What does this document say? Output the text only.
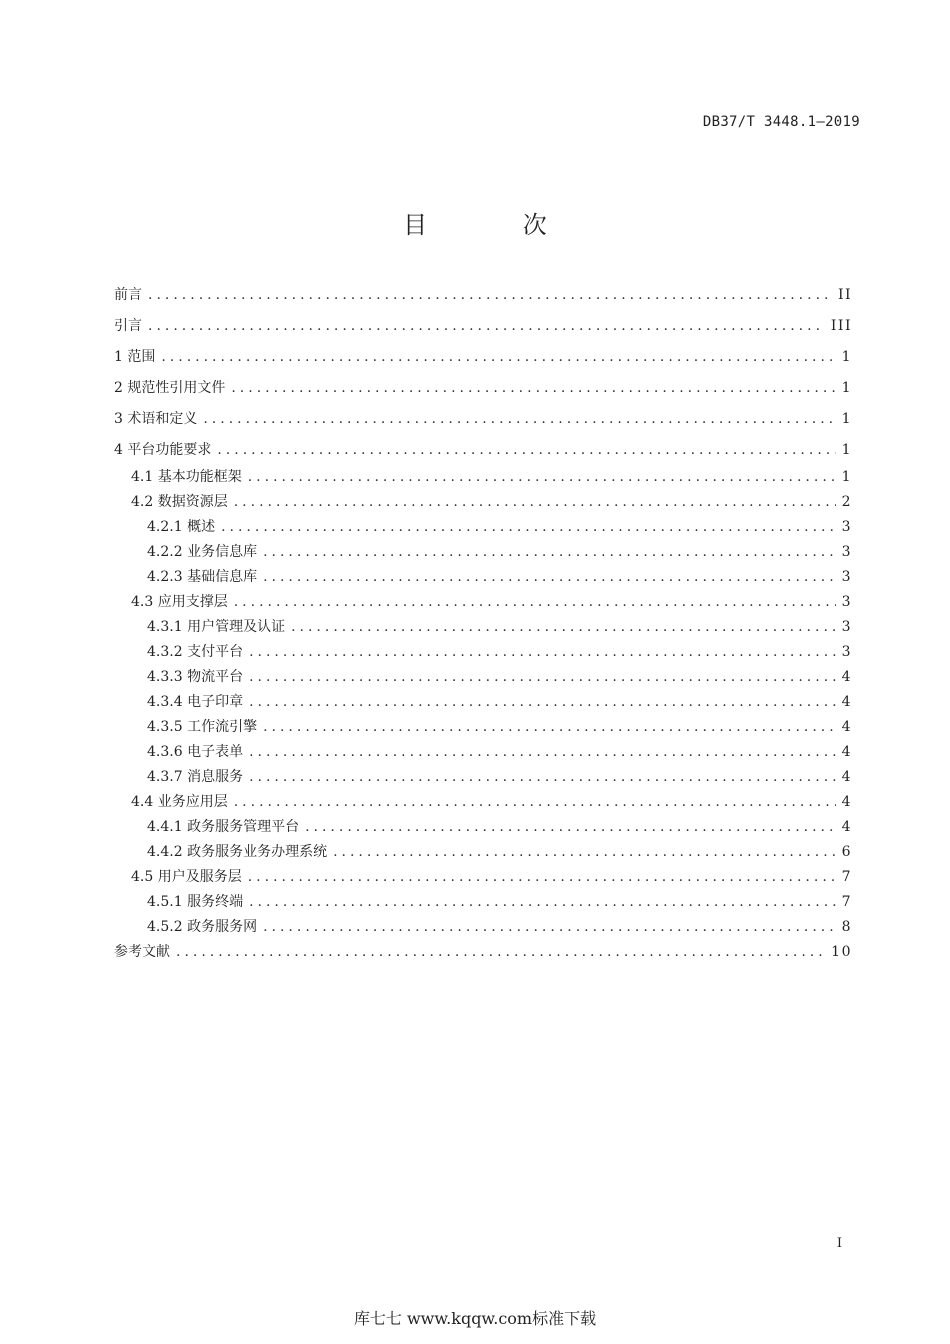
DB37/T 3448.1—2019
目 次
前言 .....	II
引言 .....	III
1 范围 .....	1
2 规范性引用文件 .....	1
3 术语和定义 .....	1
4 平台功能要求 .....	1
4.1 基本功能框架 .....	1
4.2 数据资源层 .....	2
4.2.1 概述 .....	3
4.2.2 业务信息库 .....	3
4.2.3 基础信息库 .....	3
4.3 应用支撑层 .....	3
4.3.1 用户管理及认证 .....	3
4.3.2 支付平台 .....	3
4.3.3 物流平台 .....	4
4.3.4 电子印章 .....	4
4.3.5 工作流引擎 .....	4
4.3.6 电子表单 .....	4
4.3.7 消息服务 .....	4
4.4 业务应用层 .....	4
4.4.1 政务服务管理平台 .....	4
4.4.2 政务服务业务办理系统 .....	6
4.5 用户及服务层 .....	7
4.5.1 服务终端 .....	7
4.5.2 政务服务网 .....	8
参考文献 .....	10
I
库七七 www.kqqw.com标准下载
